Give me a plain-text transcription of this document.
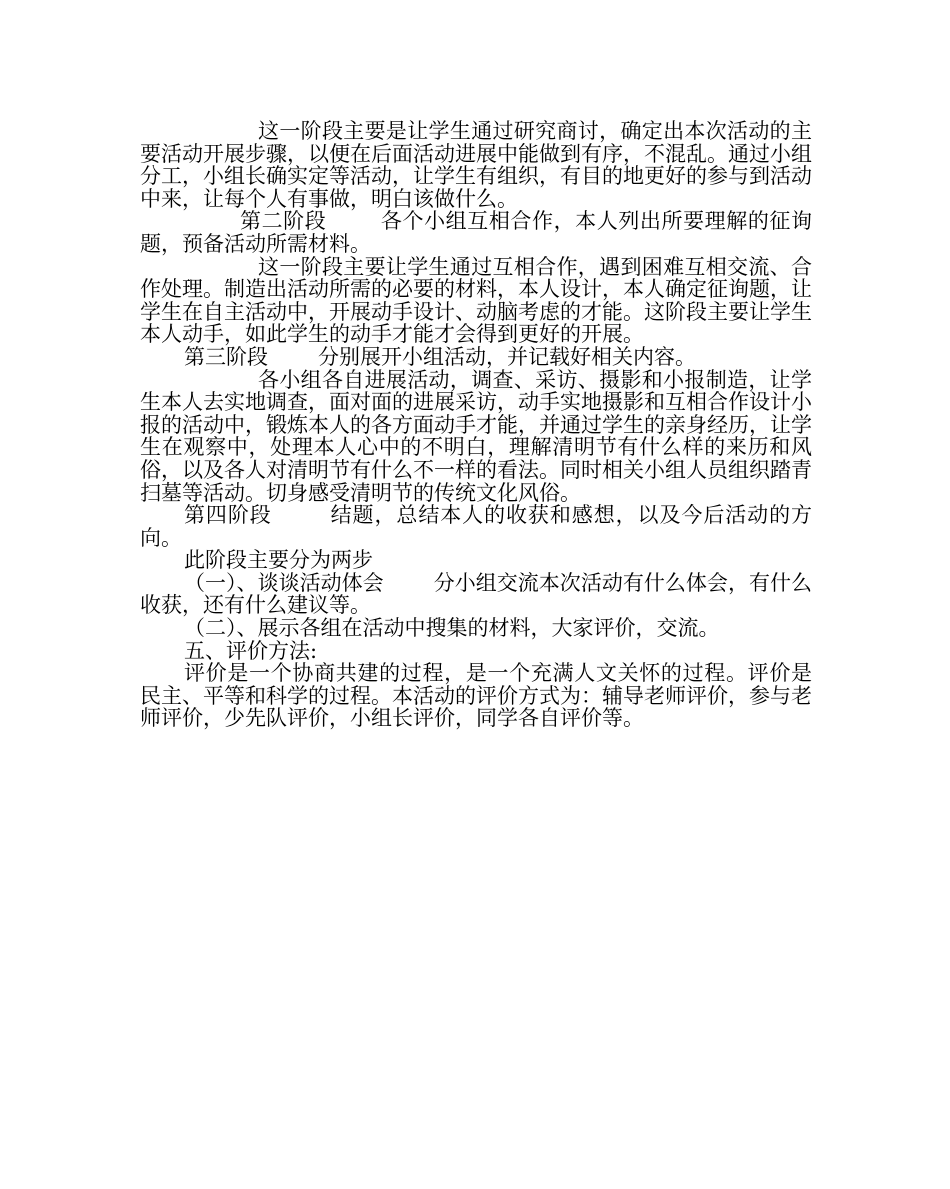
这一阶段主要是让学生通过研究商讨，确定出本次活动的主要活动开展步骤，以便在后面活动进展中能做到有序，不混乱。通过小组分工，小组长确实定等活动，让学生有组织，有目的地更好的参与到活动中来，让每个人有事做，明白该做什么。

第二阶段	各个小组互相合作，本人列出所要理解的征询题，预备活动所需材料。

这一阶段主要让学生通过互相合作，遇到困难互相交流、合作处理。制造出活动所需的必要的材料，本人设计，本人确定征询题，让学生在自主活动中，开展动手设计、动脑考虑的才能。这阶段主要让学生本人动手，如此学生的动手才能才会得到更好的开展。

第三阶段 分别展开小组活动，并记载好相关内容。

各小组各自进展活动，调查、采访、摄影和小报制造，让学生本人去实地调查，面对面的进展采访，动手实地摄影和互相合作设计小报的活动中，锻炼本人的各方面动手才能，并通过学生的亲身经历，让学生在观察中，处理本人心中的不明白，理解清明节有什么样的来历和风俗，以及各人对清明节有什么不一样的看法。同时相关小组人员组织踏青扫墓等活动。切身感受清明节的传统文化风俗。

第四阶段	结题，总结本人的收获和感想，以及今后活动的方向。

此阶段主要分为两步

（一）、谈谈活动体会 分小组交流本次活动有什么体会，有什么收获，还有什么建议等。

（二）、展示各组在活动中搜集的材料，大家评价，交流。

五、评价方法:

评价是一个协商共建的过程，是一个充满人文关怀的过程。评价是民主、平等和科学的过程。本活动的评价方式为：辅导老师评价，参与老师评价，少先队评价，小组长评价，同学各自评价等。
